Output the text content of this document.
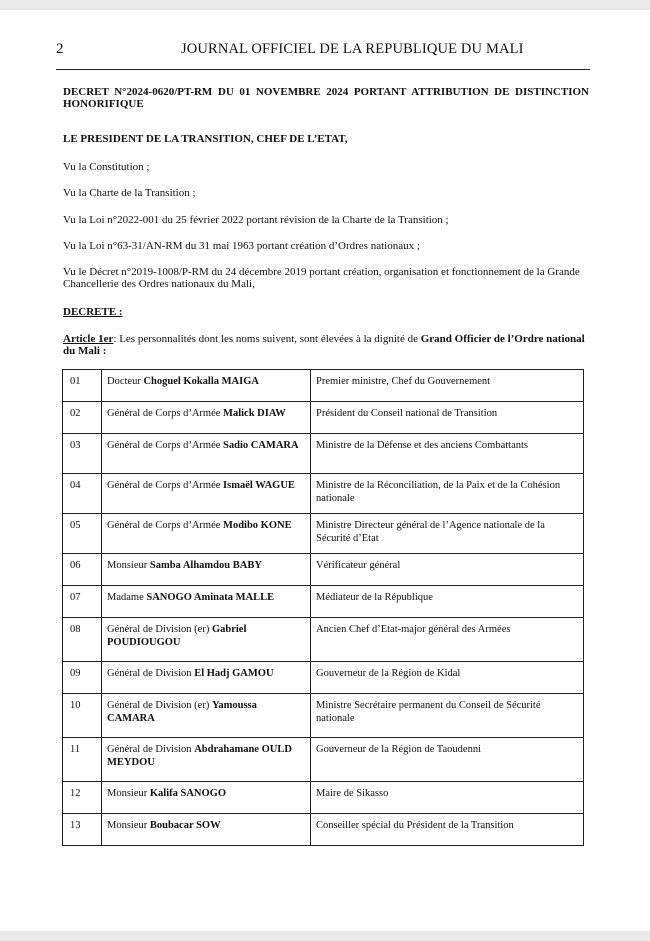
2	JOURNAL OFFICIEL DE LA REPUBLIQUE DU MALI
DECRET N°2024-0620/PT-RM DU 01 NOVEMBRE 2024 PORTANT ATTRIBUTION DE DISTINCTION HONORIFIQUE
LE PRESIDENT DE LA TRANSITION, CHEF DE L’ETAT,
Vu la Constitution ;
Vu la Charte de la Transition ;
Vu la Loi n°2022-001 du 25 février 2022 portant révision de la Charte de la Transition ;
Vu la Loi n°63-31/AN-RM du 31 mai 1963 portant création d’Ordres nationaux ;
Vu le Décret n°2019-1008/P-RM du 24 décembre 2019 portant création, organisation et fonctionnement de la Grande Chancellerie des Ordres nationaux du Mali,
DECRETE :
Article 1er: Les personnalités dont les noms suivent, sont élevées à la dignité de Grand Officier de l’Ordre national du Mali :
01	Docteur Choguel Kokalla MAIGA	Premier ministre, Chef du Gouvernement
02	Général de Corps d’Armée Malick DIAW	Président du Conseil national de Transition
03	Général de Corps d’Armée Sadio CAMARA	Ministre de la Défense et des anciens Combattants
04	Général de Corps d’Armée Ismaël WAGUE	Ministre de la Réconciliation, de la Paix et de la Cohésion nationale
05	Général de Corps d’Armée Modibo KONE	Ministre Directeur général de l’Agence nationale de la Sécurité d’Etat
06	Monsieur Samba Alhamdou BABY	Vérificateur général
07	Madame SANOGO Aminata MALLE	Médiateur de la République
08	Général de Division (er) Gabriel POUDIOUGOU	Ancien Chef d’Etat-major général des Armées
09	Général de Division El Hadj GAMOU	Gouverneur de la Région de Kidal
10	Général de Division (er) Yamoussa CAMARA	Ministre Secrétaire permanent du Conseil de Sécurité nationale
11	Général de Division Abdrahamane OULD MEYDOU	Gouverneur de la Région de Taoudenni
12	Monsieur Kalifa SANOGO	Maire de Sikasso
13	Monsieur Boubacar SOW	Conseiller spécial du Président de la Transition
